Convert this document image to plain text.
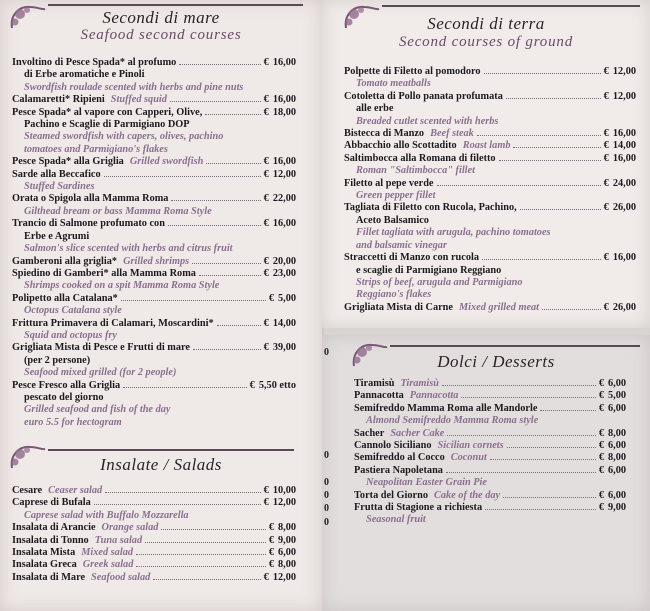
Secondi di mare
Seafood second courses
Involtino di Pesce Spada* al profumo	€ 16,00
di Erbe aromatiche e Pinoli
Swordfish roulade scented with herbs and pine nuts
Calamaretti* Ripieni Stuffed squid	€ 16,00
Pesce Spada* al vapore con Capperi, Olive,	€ 18,00
Pachino e Scaglie di Parmigiano DOP
Steamed swordfish with capers, olives, pachino
tomatoes and Parmigiano's flakes
Pesce Spada* alla Griglia Grilled swordfish	€ 16,00
Sarde alla Beccafico	€ 12,00
Stuffed Sardines
Orata o Spigola alla Mamma Roma	€ 22,00
Gilthead bream or bass Mamma Roma Style
Trancio di Salmone profumato con	€ 16,00
Erbe e Agrumi
Salmon's slice scented with herbs and citrus fruit
Gamberoni alla griglia* Grilled shrimps	€ 20,00
Spiedino di Gamberi* alla Mamma Roma	€ 23,00
Shrimps cooked on a spit Mamma Roma Style
Polipetto alla Catalana*	€ 5,00
Octopus Catalana style
Frittura Primavera di Calamari, Moscardini*	€ 14,00
Squid and octopus fry
Grigliata Mista di Pesce e Frutti di mare	€ 39,00
(per 2 persone)
Seafood mixed grilled (for 2 people)
Pesce Fresco alla Griglia	€ 5,50 etto
pescato del giorno
Grilled seafood and fish of the day
euro 5.5 for hectogram
Insalate / Salads
Cesare Ceaser salad	€ 10,00
Caprese di Bufala	€ 12,00
Caprese salad with Buffalo Mozzarella
Insalata di Arancie Orange salad	€ 8,00
Insalata di Tonno Tuna salad	€ 9,00
Insalata Mista Mixed salad	€ 6,00
Insalata Greca Greek salad	€ 8,00
Insalata di Mare Seafood salad	€ 12,00
Secondi di terra
Second courses of ground
Polpette di Filetto al pomodoro	€ 12,00
Tomato meatballs
Cotoletta di Pollo panata profumata	€ 12,00
alle erbe
Breaded cutlet scented with herbs
Bistecca di Manzo Beef steak	€ 16,00
Abbacchio allo Scottadito Roast lamb	€ 14,00
Saltimbocca alla Romana di filetto	€ 16,00
Roman "Saltimbocca" fillet
Filetto al pepe verde	€ 24,00
Green pepper fillet
Tagliata di Filetto con Rucola, Pachino,	€ 26,00
Aceto Balsamico
Fillet tagliata with arugula, pachino tomatoes
and balsamic vinegar
Straccetti di Manzo con rucola	€ 16,00
e scaglie di Parmigiano Reggiano
Strips of beef, arugula and Parmigiano
Reggiano's flakes
Grigliata Mista di Carne Mixed grilled meat	€ 26,00
Dolci / Desserts
Tiramisù Tiramisù	€ 6,00
Pannacotta Pannacotta	€ 5,00
Semifreddo Mamma Roma alle Mandorle	€ 6,00
Almond Semifreddo Mamma Roma style
Sacher Sacher Cake	€ 8,00
Cannolo Siciliano Sicilian cornets	€ 6,00
Semifreddo al Cocco Coconut	€ 8,00
Pastiera Napoletana	€ 6,00
Neapolitan Easter Grain Pie
Torta del Giorno Cake of the day	€ 6,00
Frutta di Stagione a richiesta	€ 9,00
Seasonal fruit
0
0
0
0
0
0
